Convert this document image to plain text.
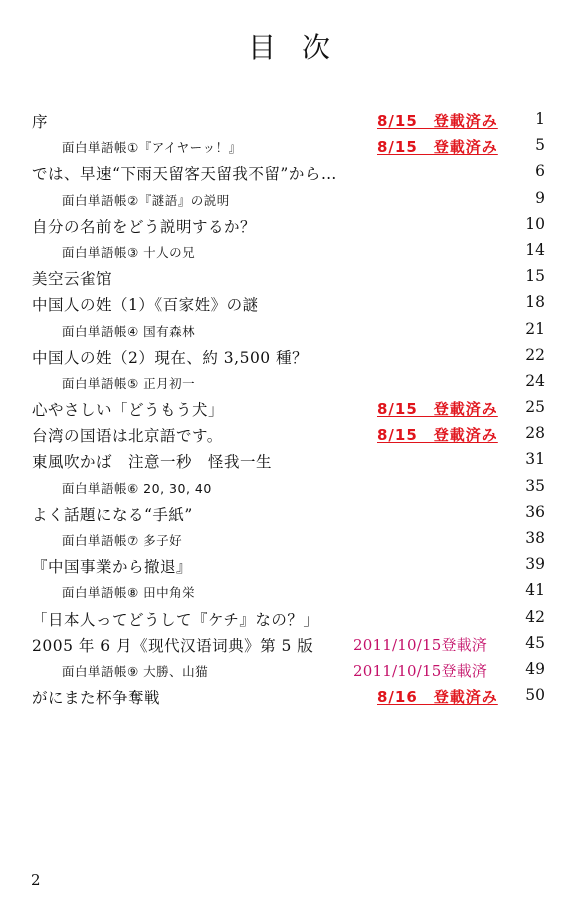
目次
序	8/15　登載済み 1
面白単語帳①『アイヤーッ！』	8/15　登載済み 5
では、早速“下雨天留客天留我不留”から…	6
面白単語帳②『謎語』の説明	9
自分の名前をどう説明するか？	10
面白単語帳③ 十人の兄	14
美空云雀馆	15
中国人の姓（1）《百家姓》の謎	18
面白単語帳④ 国有森林	21
中国人の姓（2）現在、約 3,500 種？	22
面白単語帳⑤ 正月初一	24
心やさしい「どうもう犬」	8/15　登載済み 25
台湾の国语は北京語です。	8/15　登載済み 28
東風吹かば　注意一秒　怪我一生	31
面白単語帳⑥ 20, 30, 40	35
よく話題になる“手紙”	36
面白単語帳⑦ 多子好	38
『中国事業から撤退』	39
面白単語帳⑧ 田中角栄	41
「日本人ってどうして『ケチ』なの？」	42
2005 年 6 月《现代汉语词典》第 5 版	2011/10/15登載済 45
面白単語帳⑨ 大勝、山猫	2011/10/15登載済 49
がにまた杯争奪戦	8/16　登載済み 50
2
